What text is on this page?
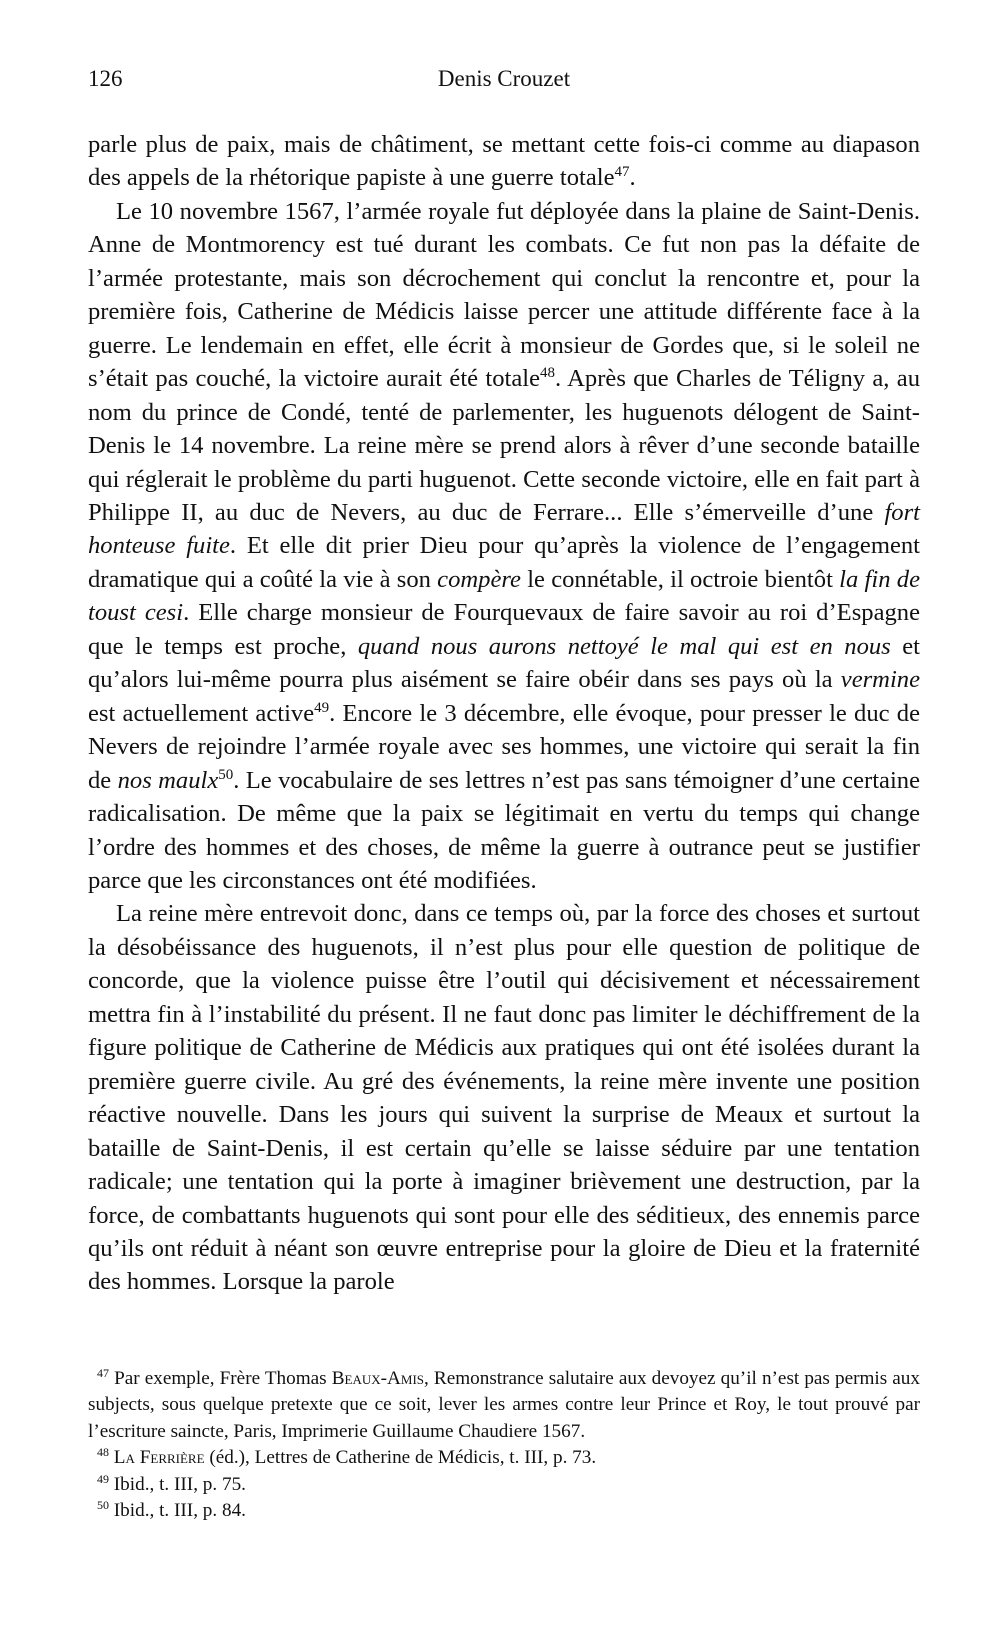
126	Denis Crouzet

parle plus de paix, mais de châtiment, se mettant cette fois-ci comme au diapason des appels de la rhétorique papiste à une guerre totale$^{47}$.

Le 10 novembre 1567, l’armée royale fut déployée dans la plaine de Saint-Denis. Anne de Montmorency est tué durant les combats. Ce fut non pas la défaite de l’armée protestante, mais son décrochement qui conclut la rencontre et, pour la première fois, Catherine de Médicis laisse percer une attitude différente face à la guerre. Le lendemain en effet, elle écrit à monsieur de Gordes que, si le soleil ne s’était pas couché, la victoire aurait été totale$^{48}$. Après que Charles de Téligny a, au nom du prince de Condé, tenté de parlementer, les huguenots délogent de Saint-Denis le 14 novembre. La reine mère se prend alors à rêver d’une seconde bataille qui réglerait le problème du parti huguenot. Cette seconde victoire, elle en fait part à Philippe II, au duc de Nevers, au duc de Ferrare... Elle s’émerveille d’une fort honteuse fuite. Et elle dit prier Dieu pour qu’après la violence de l’engagement dramatique qui a coûté la vie à son compère le connétable, il octroie bientôt la fin de toust cesi. Elle charge monsieur de Fourquevaux de faire savoir au roi d’Espagne que le temps est proche, quand nous aurons nettoyé le mal qui est en nous et qu’alors lui-même pourra plus aisément se faire obéir dans ses pays où la vermine est actuellement active$^{49}$. Encore le 3 décembre, elle évoque, pour presser le duc de Nevers de rejoindre l’armée royale avec ses hommes, une victoire qui serait la fin de nos maulx$^{50}$. Le vocabulaire de ses lettres n’est pas sans témoigner d’une certaine radicalisation. De même que la paix se légitimait en vertu du temps qui change l’ordre des hommes et des choses, de même la guerre à outrance peut se justifier parce que les circonstances ont été modifiées.

La reine mère entrevoit donc, dans ce temps où, par la force des choses et surtout la désobéissance des huguenots, il n’est plus pour elle question de politique de concorde, que la violence puisse être l’outil qui décisivement et nécessairement mettra fin à l’instabilité du présent. Il ne faut donc pas limiter le déchiffrement de la figure politique de Catherine de Médicis aux pratiques qui ont été isolées durant la première guerre civile. Au gré des événements, la reine mère invente une position réactive nouvelle. Dans les jours qui suivent la surprise de Meaux et surtout la bataille de Saint-Denis, il est certain qu’elle se laisse séduire par une tentation radicale; une tentation qui la porte à imaginer brièvement une destruction, par la force, de combattants huguenots qui sont pour elle des séditieux, des ennemis parce qu’ils ont réduit à néant son œuvre entreprise pour la gloire de Dieu et la fraternité des hommes. Lorsque la parole

$^{47}$ Par exemple, Frère Thomas Beaux-Amis, Remonstrance salutaire aux devoyez qu’il n’est pas permis aux subjects, sous quelque pretexte que ce soit, lever les armes contre leur Prince et Roy, le tout prouvé par l’escriture saincte, Paris, Imprimerie Guillaume Chaudiere 1567.

$^{48}$ La Ferrière (éd.), Lettres de Catherine de Médicis, t. III, p. 73.

$^{49}$ Ibid., t. III, p. 75.

$^{50}$ Ibid., t. III, p. 84.
